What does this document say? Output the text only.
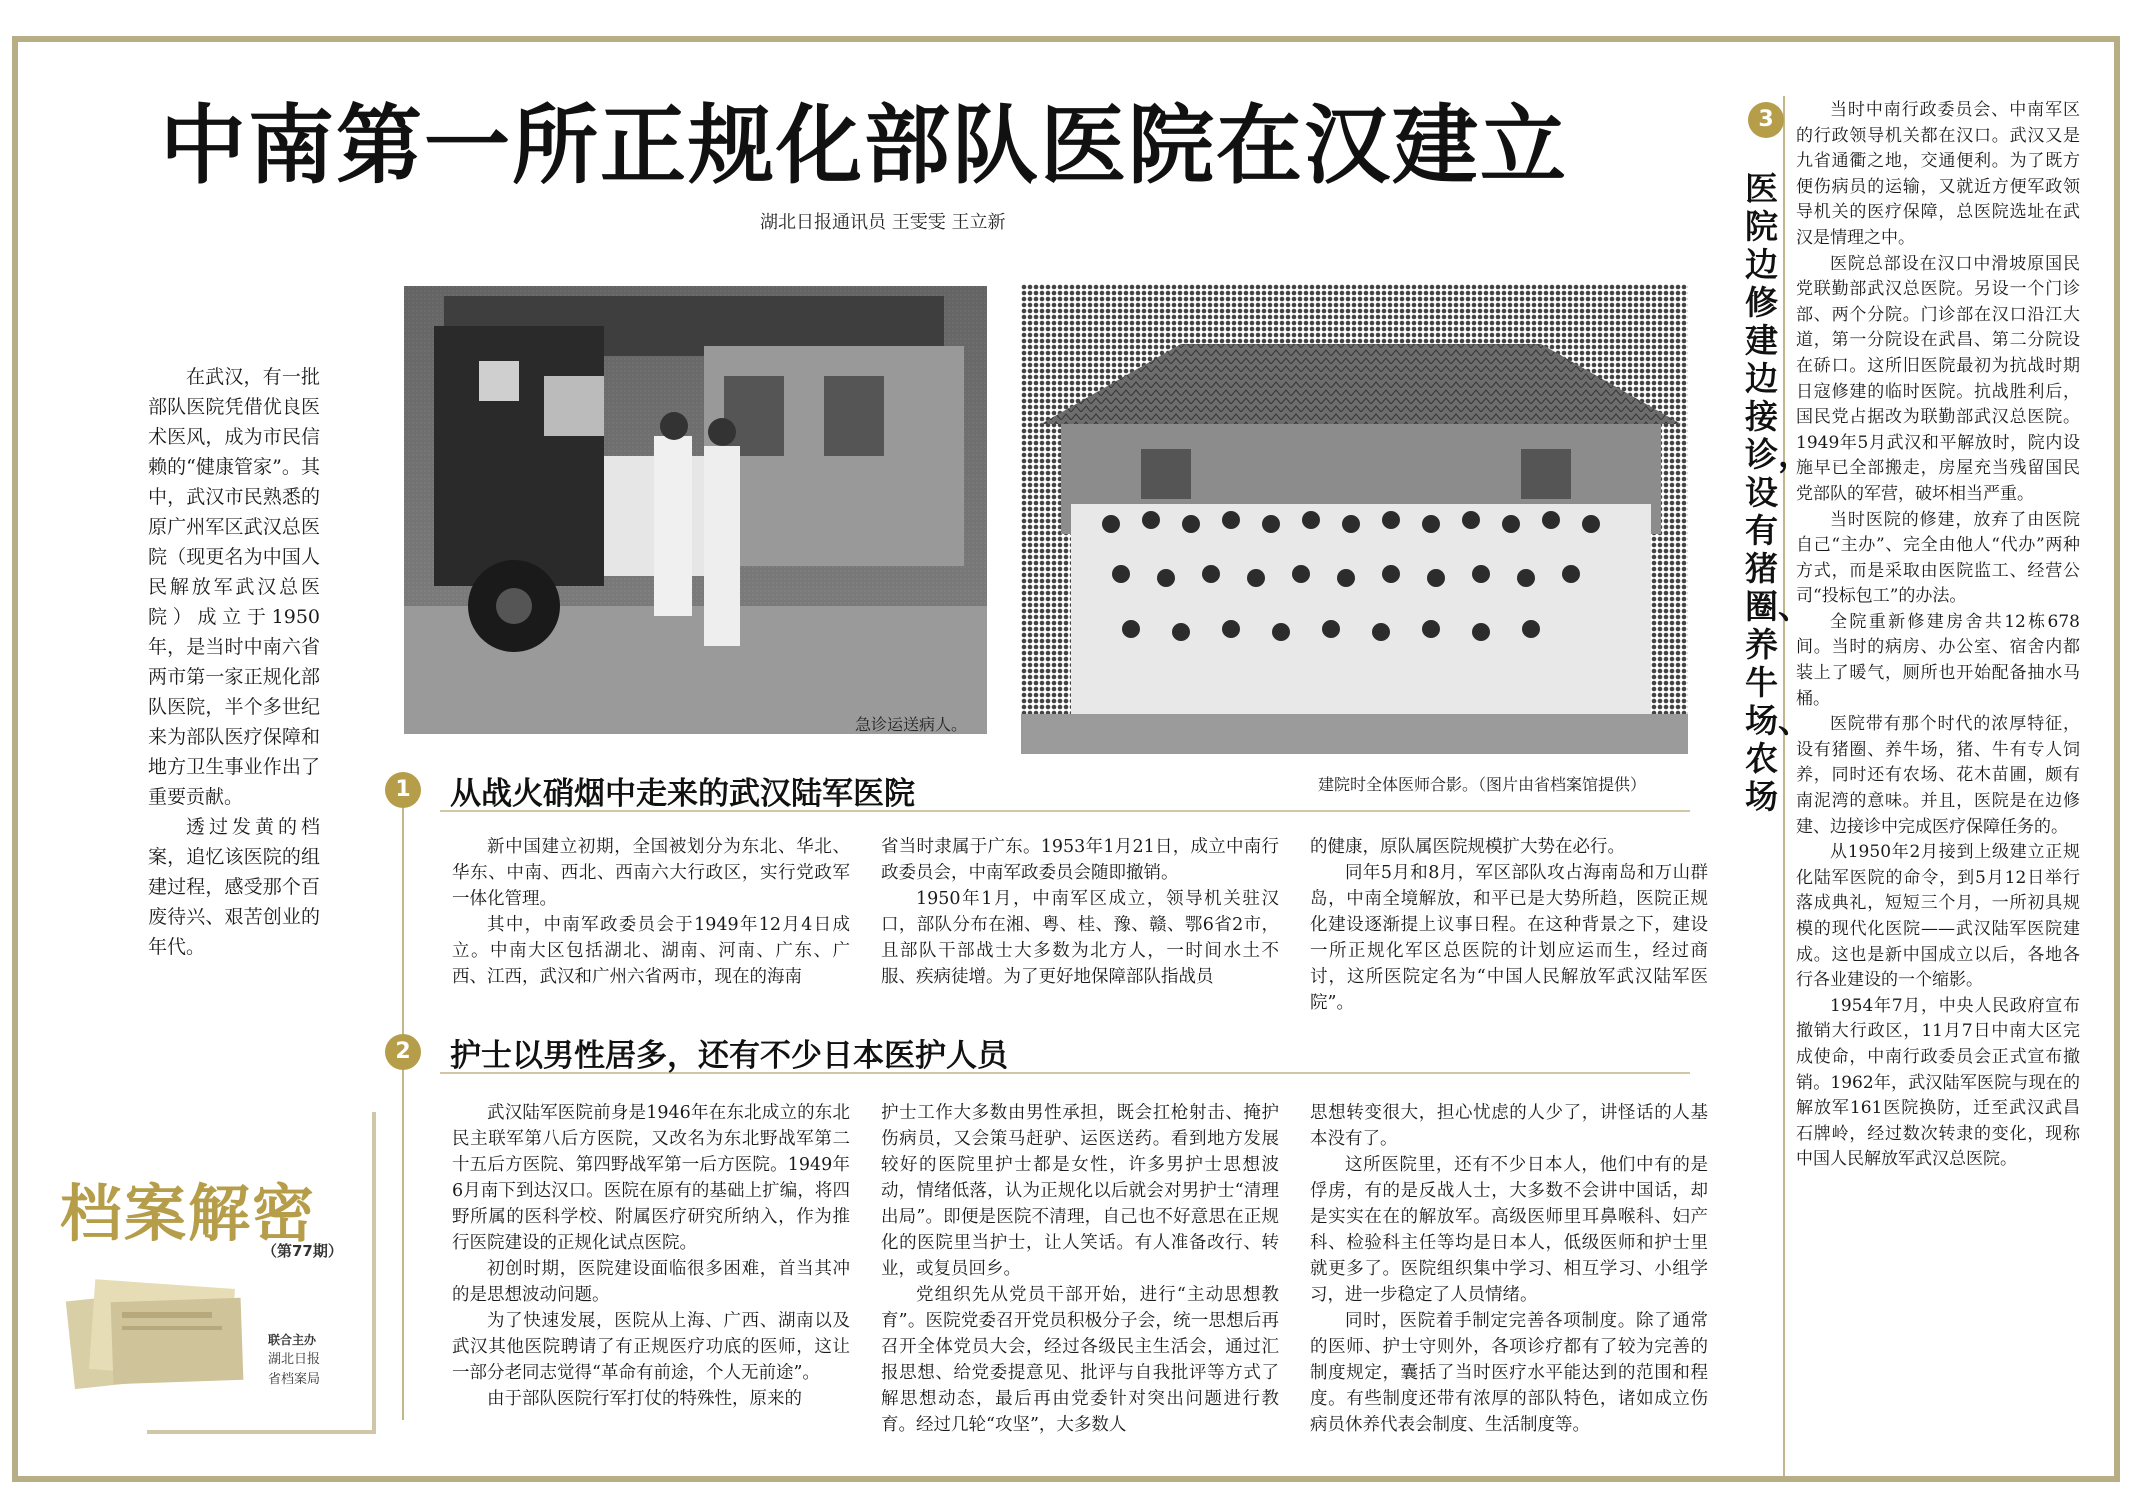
中南第一所正规化部队医院在汉建立
湖北日报通讯员 王雯雯 王立新

在武汉，有一批部队医院凭借优良医术医风，成为市民信赖的“健康管家”。其中，武汉市民熟悉的原广州军区武汉总医院（现更名为中国人民解放军武汉总医院）成立于1950年，是当时中南六省两市第一家正规化部队医院，半个多世纪来为部队医疗保障和地方卫生事业作出了重要贡献。

透过发黄的档案，追忆该医院的组建过程，感受那个百废待兴、艰苦创业的年代。

急诊运送病人。
建院时全体医师合影。（图片由省档案馆提供）
1	从战火硝烟中走来的武汉陆军医院

新中国建立初期，全国被划分为东北、华北、华东、中南、西北、西南六大行政区，实行党政军一体化管理。

其中，中南军政委员会于1949年12月4日成立。中南大区包括湖北、湖南、河南、广东、广西、江西，武汉和广州六省两市，现在的海南

省当时隶属于广东。1953年1月21日，成立中南行政委员会，中南军政委员会随即撤销。

1950年1月，中南军区成立，领导机关驻汉口，部队分布在湘、粤、桂、豫、赣、鄂6省2市，且部队干部战士大多数为北方人，一时间水土不服、疾病徒增。为了更好地保障部队指战员

的健康，原队属医院规模扩大势在必行。

同年5月和8月，军区部队攻占海南岛和万山群岛，中南全境解放，和平已是大势所趋，医院正规化建设逐渐提上议事日程。在这种背景之下，建设一所正规化军区总医院的计划应运而生，经过商讨，这所医院定名为“中国人民解放军武汉陆军医院”。

2	护士以男性居多，还有不少日本医护人员

武汉陆军医院前身是1946年在东北成立的东北民主联军第八后方医院，又改名为东北野战军第二十五后方医院、第四野战军第一后方医院。1949年6月南下到达汉口。医院在原有的基础上扩编，将四野所属的医科学校、附属医疗研究所纳入，作为推行医院建设的正规化试点医院。

初创时期，医院建设面临很多困难，首当其冲的是思想波动问题。

为了快速发展，医院从上海、广西、湖南以及武汉其他医院聘请了有正规医疗功底的医师，这让一部分老同志觉得“革命有前途，个人无前途”。

由于部队医院行军打仗的特殊性，原来的

护士工作大多数由男性承担，既会扛枪射击、掩护伤病员，又会策马赶驴、运医送药。看到地方发展较好的医院里护士都是女性，许多男护士思想波动，情绪低落，认为正规化以后就会对男护士“清理出局”。即便是医院不清理，自己也不好意思在正规化的医院里当护士，让人笑话。有人准备改行、转业，或复员回乡。

党组织先从党员干部开始，进行“主动思想教育”。医院党委召开党员积极分子会，统一思想后再召开全体党员大会，经过各级民主生活会，通过汇报思想、给党委提意见、批评与自我批评等方式了解思想动态，最后再由党委针对突出问题进行教育。经过几轮“攻坚”，大多数人

思想转变很大，担心忧虑的人少了，讲怪话的人基本没有了。

这所医院里，还有不少日本人，他们中有的是俘虏，有的是反战人士，大多数不会讲中国话，却是实实在在的解放军。高级医师里耳鼻喉科、妇产科、检验科主任等均是日本人，低级医师和护士里就更多了。医院组织集中学习、相互学习、小组学习，进一步稳定了人员情绪。

同时，医院着手制定完善各项制度。除了通常的医师、护士守则外，各项诊疗都有了较为完善的制度规定，囊括了当时医疗水平能达到的范围和程度。有些制度还带有浓厚的部队特色，诸如成立伤病员休养代表会制度、生活制度等。

3
医院边修建边接诊，设有猪圈、养牛场、农场

当时中南行政委员会、中南军区的行政领导机关都在汉口。武汉又是九省通衢之地，交通便利。为了既方便伤病员的运输，又就近方便军政领导机关的医疗保障，总医院选址在武汉是情理之中。

医院总部设在汉口中滑坡原国民党联勤部武汉总医院。另设一个门诊部、两个分院。门诊部在汉口沿江大道，第一分院设在武昌、第二分院设在硚口。这所旧医院最初为抗战时期日寇修建的临时医院。抗战胜利后，国民党占据改为联勤部武汉总医院。1949年5月武汉和平解放时，院内设施早已全部搬走，房屋充当残留国民党部队的军营，破坏相当严重。

当时医院的修建，放弃了由医院自己“主办”、完全由他人“代办”两种方式，而是采取由医院监工、经营公司“投标包工”的办法。

全院重新修建房舍共12栋678间。当时的病房、办公室、宿舍内都装上了暖气，厕所也开始配备抽水马桶。

医院带有那个时代的浓厚特征，设有猪圈、养牛场，猪、牛有专人饲养，同时还有农场、花木苗圃，颇有南泥湾的意味。并且，医院是在边修建、边接诊中完成医疗保障任务的。

从1950年2月接到上级建立正规化陆军医院的命令，到5月12日举行落成典礼，短短三个月，一所初具规模的现代化医院——武汉陆军医院建成。这也是新中国成立以后，各地各行各业建设的一个缩影。

1954年7月，中央人民政府宣布撤销大行政区，11月7日中南大区完成使命，中南行政委员会正式宣布撤销。1962年，武汉陆军医院与现在的解放军161医院换防，迁至武汉武昌石牌岭，经过数次转隶的变化，现称中国人民解放军武汉总医院。

档案解密
（第77期）
联合主办
湖北日报
省档案局
